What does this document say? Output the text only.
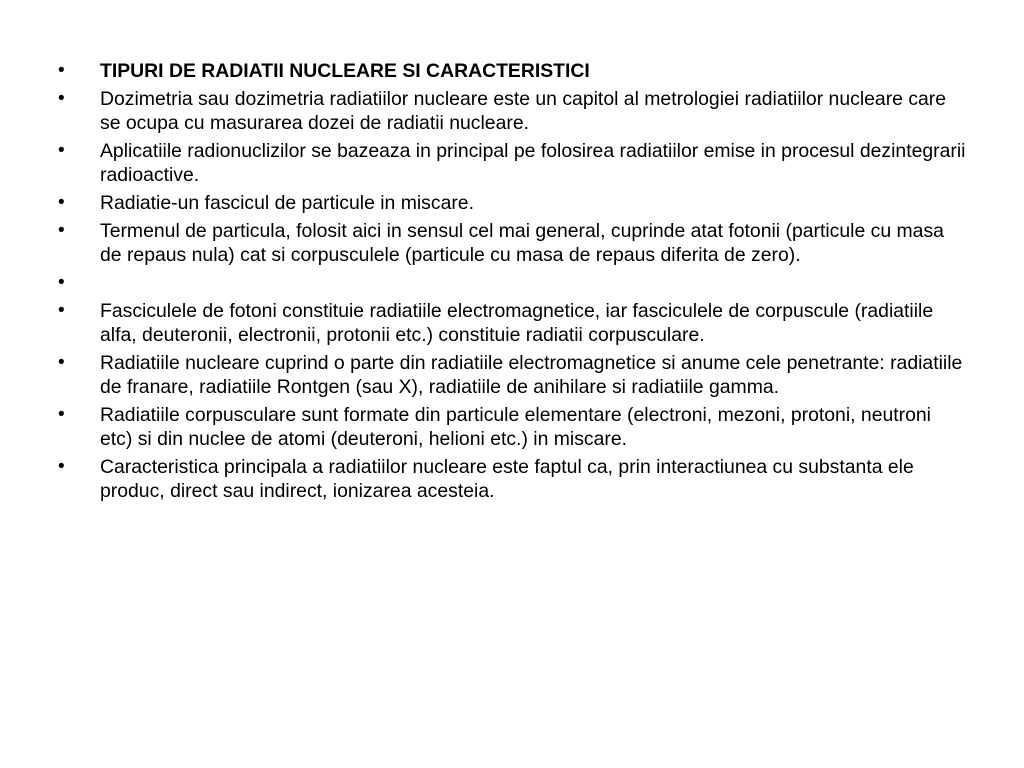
•	TIPURI DE RADIATII NUCLEARE SI CARACTERISTICI
•	Dozimetria sau dozimetria radiatiilor nucleare este un capitol al metrologiei radiatiilor nucleare care se ocupa cu masurarea dozei de radiatii nucleare.
•	Aplicatiile radionuclizilor se bazeaza in principal pe folosirea radiatiilor emise in procesul dezintegrarii radioactive.
•	Radiatie-un fascicul de particule in miscare.
•	Termenul de particula, folosit aici in sensul cel mai general, cuprinde atat fotonii (particule cu masa de repaus nula) cat si corpusculele (particule cu masa de repaus diferita de zero).
•
•	Fasciculele de fotoni constituie radiatiile electromagnetice, iar fasciculele de corpuscule (radiatiile alfa, deuteronii, electronii, protonii etc.) constituie radiatii corpusculare.
•	Radiatiile nucleare cuprind o parte din radiatiile electromagnetice si anume cele penetrante: radiatiile de franare, radiatiile Rontgen (sau X), radiatiile de anihilare si radiatiile gamma.
•	Radiatiile corpusculare sunt formate din particule elementare (electroni, mezoni, protoni, neutroni etc) si din nuclee de atomi (deuteroni, helioni etc.) in miscare.
•	Caracteristica principala a radiatiilor nucleare este faptul ca, prin interactiunea cu substanta ele produc, direct sau indirect, ionizarea acesteia.
